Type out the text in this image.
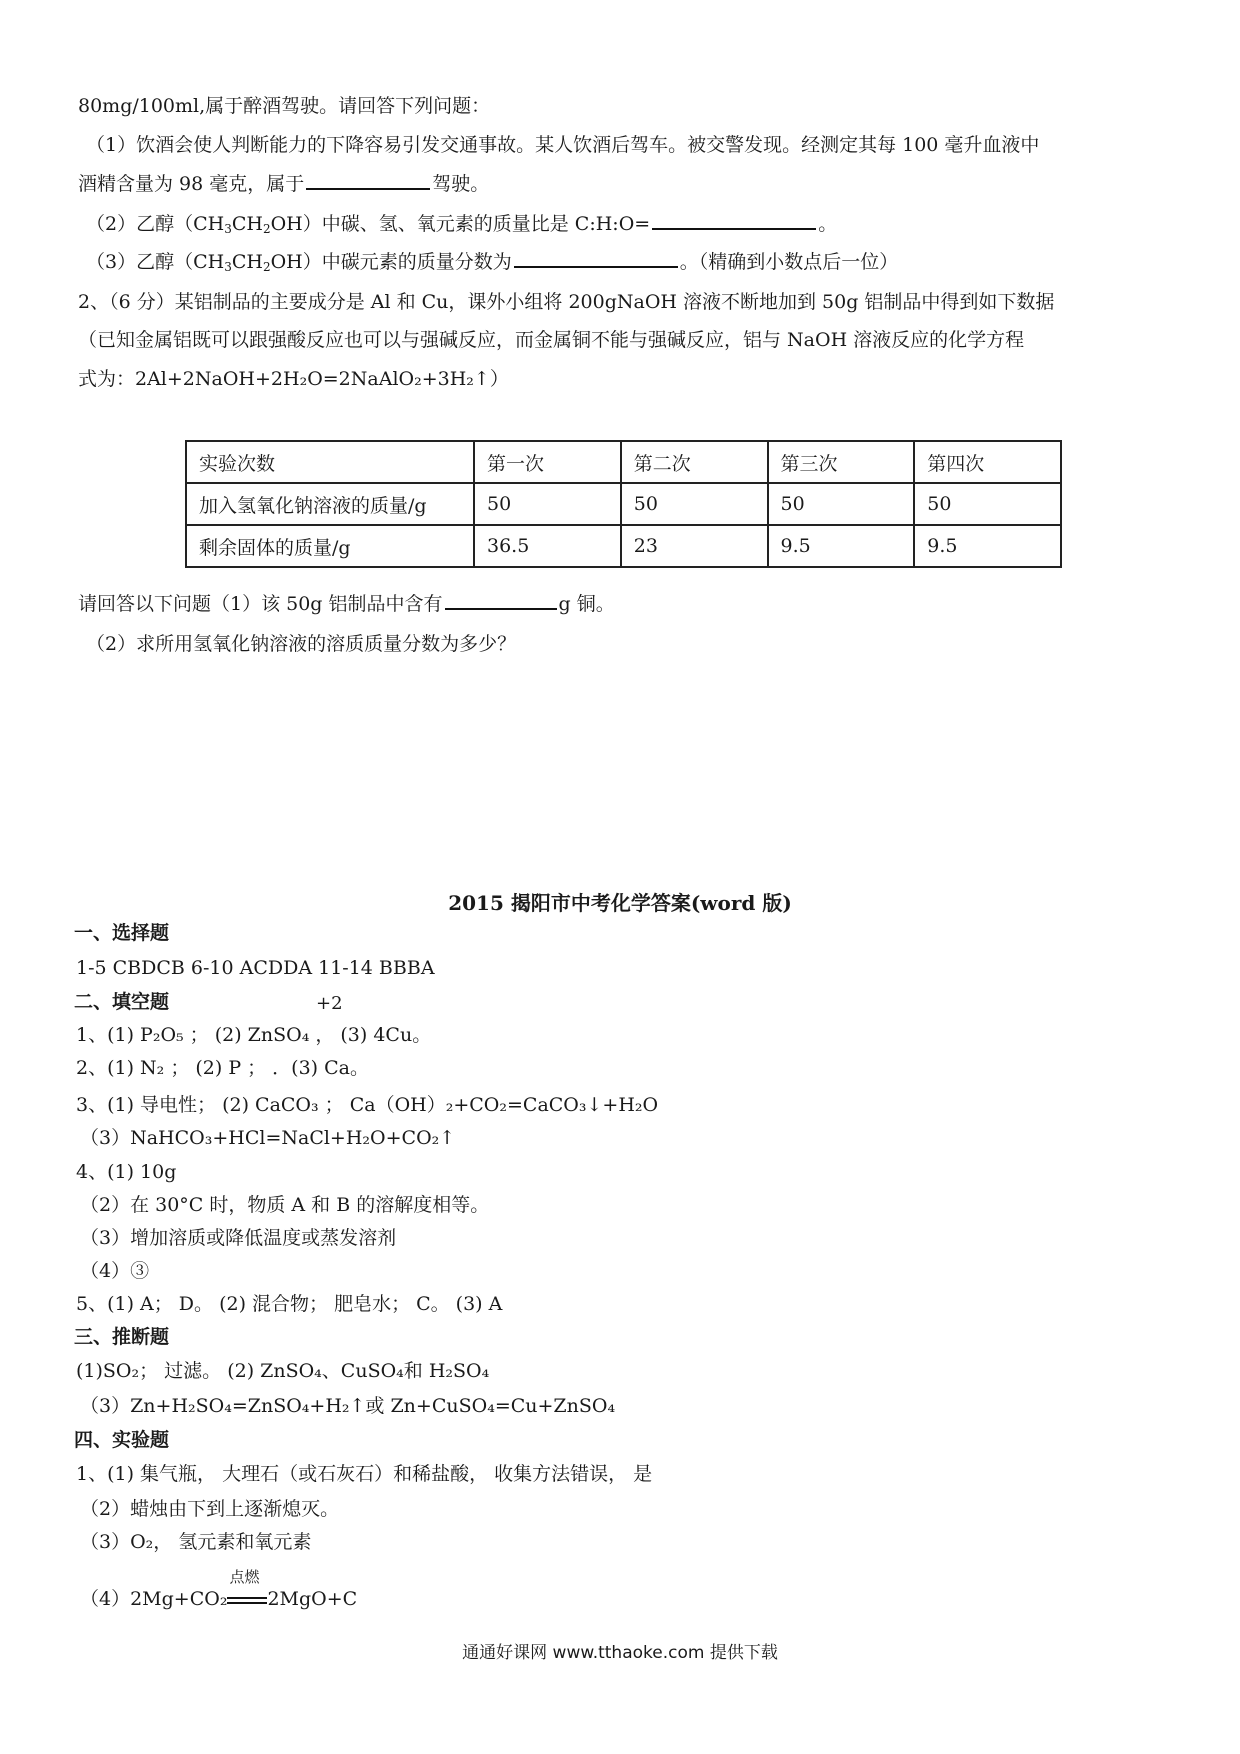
80mg/100ml,属于醉酒驾驶。请回答下列问题：
（1）饮酒会使人判断能力的下降容易引发交通事故。某人饮酒后驾车。被交警发现。经测定其每 100 毫升血液中
酒精含量为 98 毫克，属于	驾驶。
（2）乙醇$(CH_3CH_2OH)$中碳、氢、氧元素的质量比是 C:H:O=	。
（3）乙醇$(CH_3CH_2OH)$中碳元素的质量分数为	。（精确到小数点后一位）
2、（6 分）某铝制品的主要成分是 Al 和 Cu，课外小组将 200gNaOH 溶液不断地加到 50g 铝制品中得到如下数据
（已知金属铝既可以跟强酸反应也可以与强碱反应，而金属铜不能与强碱反应，铝与 NaOH 溶液反应的化学方程
式为：2Al+2NaOH+2H₂O=2NaAlO₂+3H₂↑）
实验次数	第一次	第二次	第三次	第四次
加入氢氧化钠溶液的质量/g	50	50	50	50
剩余固体的质量/g	36.5	23	9.5	9.5
请回答以下问题（1）该 50g 铝制品中含有	g 铜。
（2）求所用氢氧化钠溶液的溶质质量分数为多少？
2015 揭阳市中考化学答案(word 版)
一、选择题
1-5 CBDCB 6-10 ACDDA 11-14 BBBA
二、填空题	+2
1、(1) P₂O₅ ； (2) ZnSO₄ ， (3) 4Cu。
2、(1) N₂ ； (2) P ； ．(3) Ca。
3、(1) 导电性； (2) CaCO₃ ； Ca（OH）₂+CO₂=CaCO₃↓+H₂O
（3）NaHCO₃+HCl=NaCl+H₂O+CO₂↑
4、(1) 10g
（2）在 30°C 时，物质 A 和 B 的溶解度相等。
（3）增加溶质或降低温度或蒸发溶剂
（4）③
5、(1) A； D。 (2) 混合物； 肥皂水； C。 (3) A
三、推断题
(1)SO₂； 过滤。 (2) ZnSO₄、CuSO₄和 H₂SO₄
（3）Zn+H₂SO₄=ZnSO₄+H₂↑或 Zn+CuSO₄=Cu+ZnSO₄
四、实验题
1、(1) 集气瓶， 大理石（或石灰石）和稀盐酸， 收集方法错误， 是
（2）蜡烛由下到上逐渐熄灭。
（3）O₂， 氢元素和氧元素
（4）2Mg+CO₂
点燃
2MgO+C
通通好课网 www.tthaoke.com 提供下载
